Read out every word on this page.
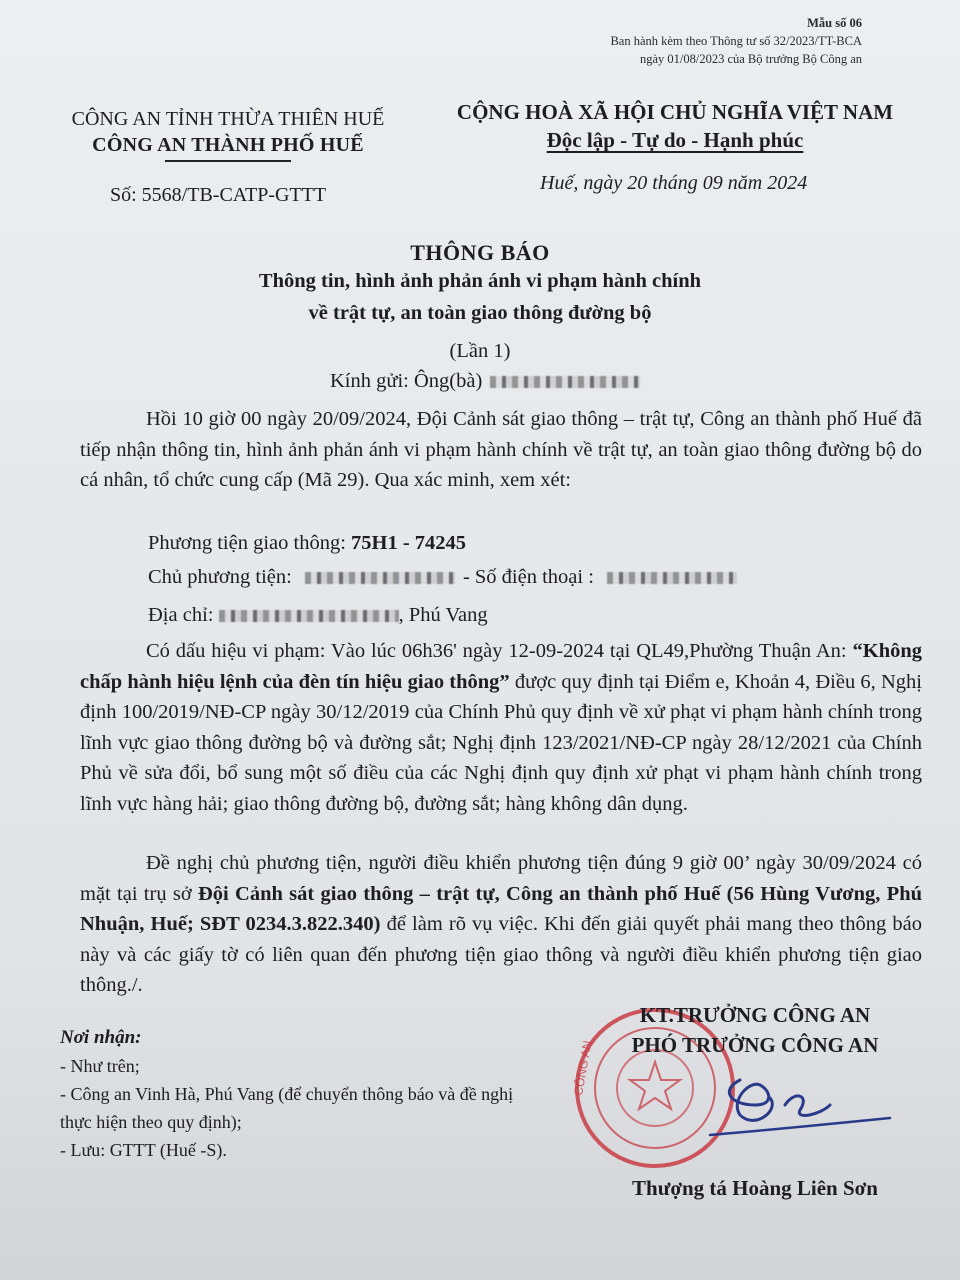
Mẫu số 06
Ban hành kèm theo Thông tư số 32/2023/TT-BCA
ngày 01/08/2023 của Bộ trưởng Bộ Công an
CÔNG AN TỈNH THỪA THIÊN HUẾ
CÔNG AN THÀNH PHỐ HUẾ
CỘNG HOÀ XÃ HỘI CHỦ NGHĨA VIỆT NAM
Độc lập - Tự do - Hạnh phúc
Số: 5568/TB-CATP-GTTT
Huế, ngày 20 tháng 09 năm 2024
THÔNG BÁO
Thông tin, hình ảnh phản ánh vi phạm hành chính
về trật tự, an toàn giao thông đường bộ
(Lần 1)
Kính gửi: Ông(bà)
Hồi 10 giờ 00 ngày 20/09/2024, Đội Cảnh sát giao thông – trật tự, Công an thành phố Huế đã tiếp nhận thông tin, hình ảnh phản ánh vi phạm hành chính về trật tự, an toàn giao thông đường bộ do cá nhân, tổ chức cung cấp (Mã 29). Qua xác minh, xem xét:
Phương tiện giao thông: 75H1 - 74245
Chủ phương tiện:	- Số điện thoại :
Địa chỉ:	, Phú Vang
Có dấu hiệu vi phạm: Vào lúc 06h36' ngày 12-09-2024 tại QL49,Phường Thuận An: “Không chấp hành hiệu lệnh của đèn tín hiệu giao thông” được quy định tại Điểm e, Khoản 4, Điều 6, Nghị định 100/2019/NĐ-CP ngày 30/12/2019 của Chính Phủ quy định về xử phạt vi phạm hành chính trong lĩnh vực giao thông đường bộ và đường sắt; Nghị định 123/2021/NĐ-CP ngày 28/12/2021 của Chính Phủ về sửa đổi, bổ sung một số điều của các Nghị định quy định xử phạt vi phạm hành chính trong lĩnh vực hàng hải; giao thông đường bộ, đường sắt; hàng không dân dụng.
Đề nghị chủ phương tiện, người điều khiển phương tiện đúng 9 giờ 00’ ngày 30/09/2024 có mặt tại trụ sở Đội Cảnh sát giao thông – trật tự, Công an thành phố Huế (56 Hùng Vương, Phú Nhuận, Huế; SĐT 0234.3.822.340) để làm rõ vụ việc. Khi đến giải quyết phải mang theo thông báo này và các giấy tờ có liên quan đến phương tiện giao thông và người điều khiển phương tiện giao thông./.
Nơi nhận:
- Như trên;
- Công an Vinh Hà, Phú Vang (để chuyển thông báo và đề nghị thực hiện theo quy định);
- Lưu: GTTT (Huế -S).
CÔNG AN
KT.TRƯỞNG CÔNG AN
PHÓ TRƯỞNG CÔNG AN
Thượng tá Hoàng Liên Sơn
